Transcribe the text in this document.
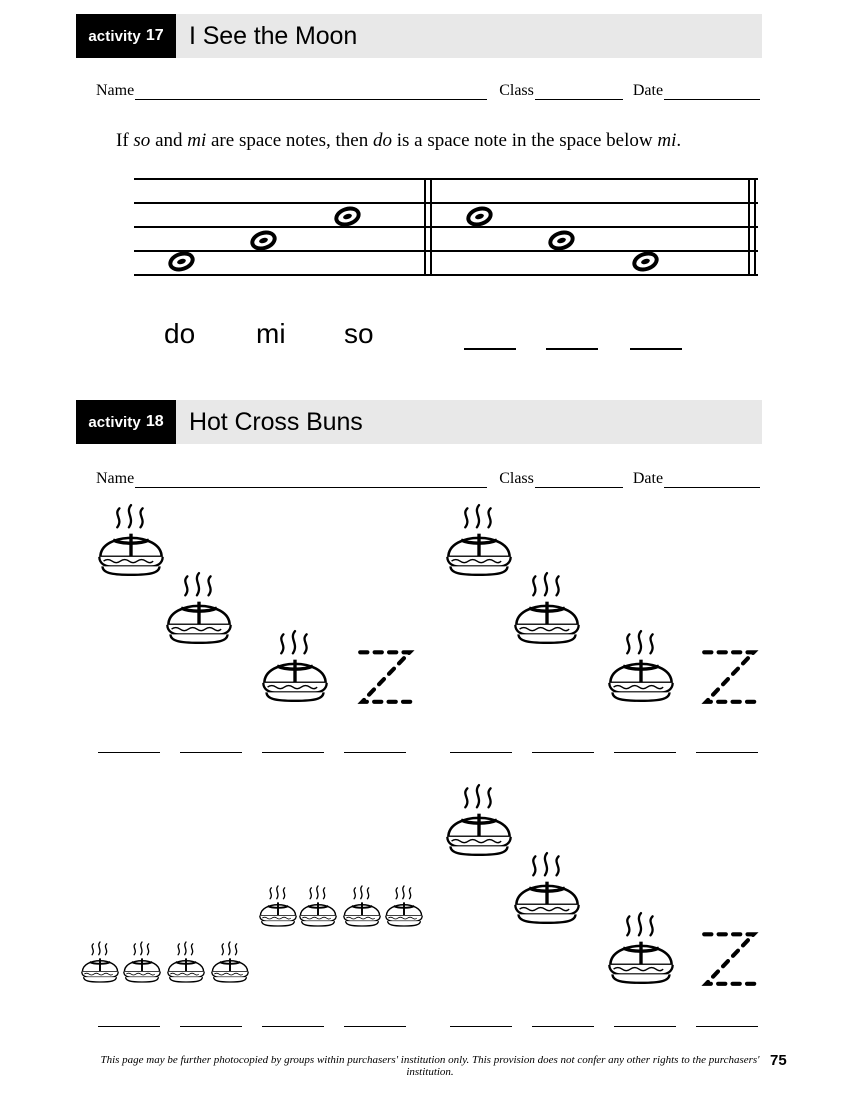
activity 17	I See the Moon
Name	Class	Date
If so and mi are space notes, then do is a space note in the space below mi.
do mi so
activity 18	Hot Cross Buns
Name	Class	Date
This page may be further photocopied by groups within purchasers' institution only. This provision does not confer any other rights to the purchasers' institution.
75
